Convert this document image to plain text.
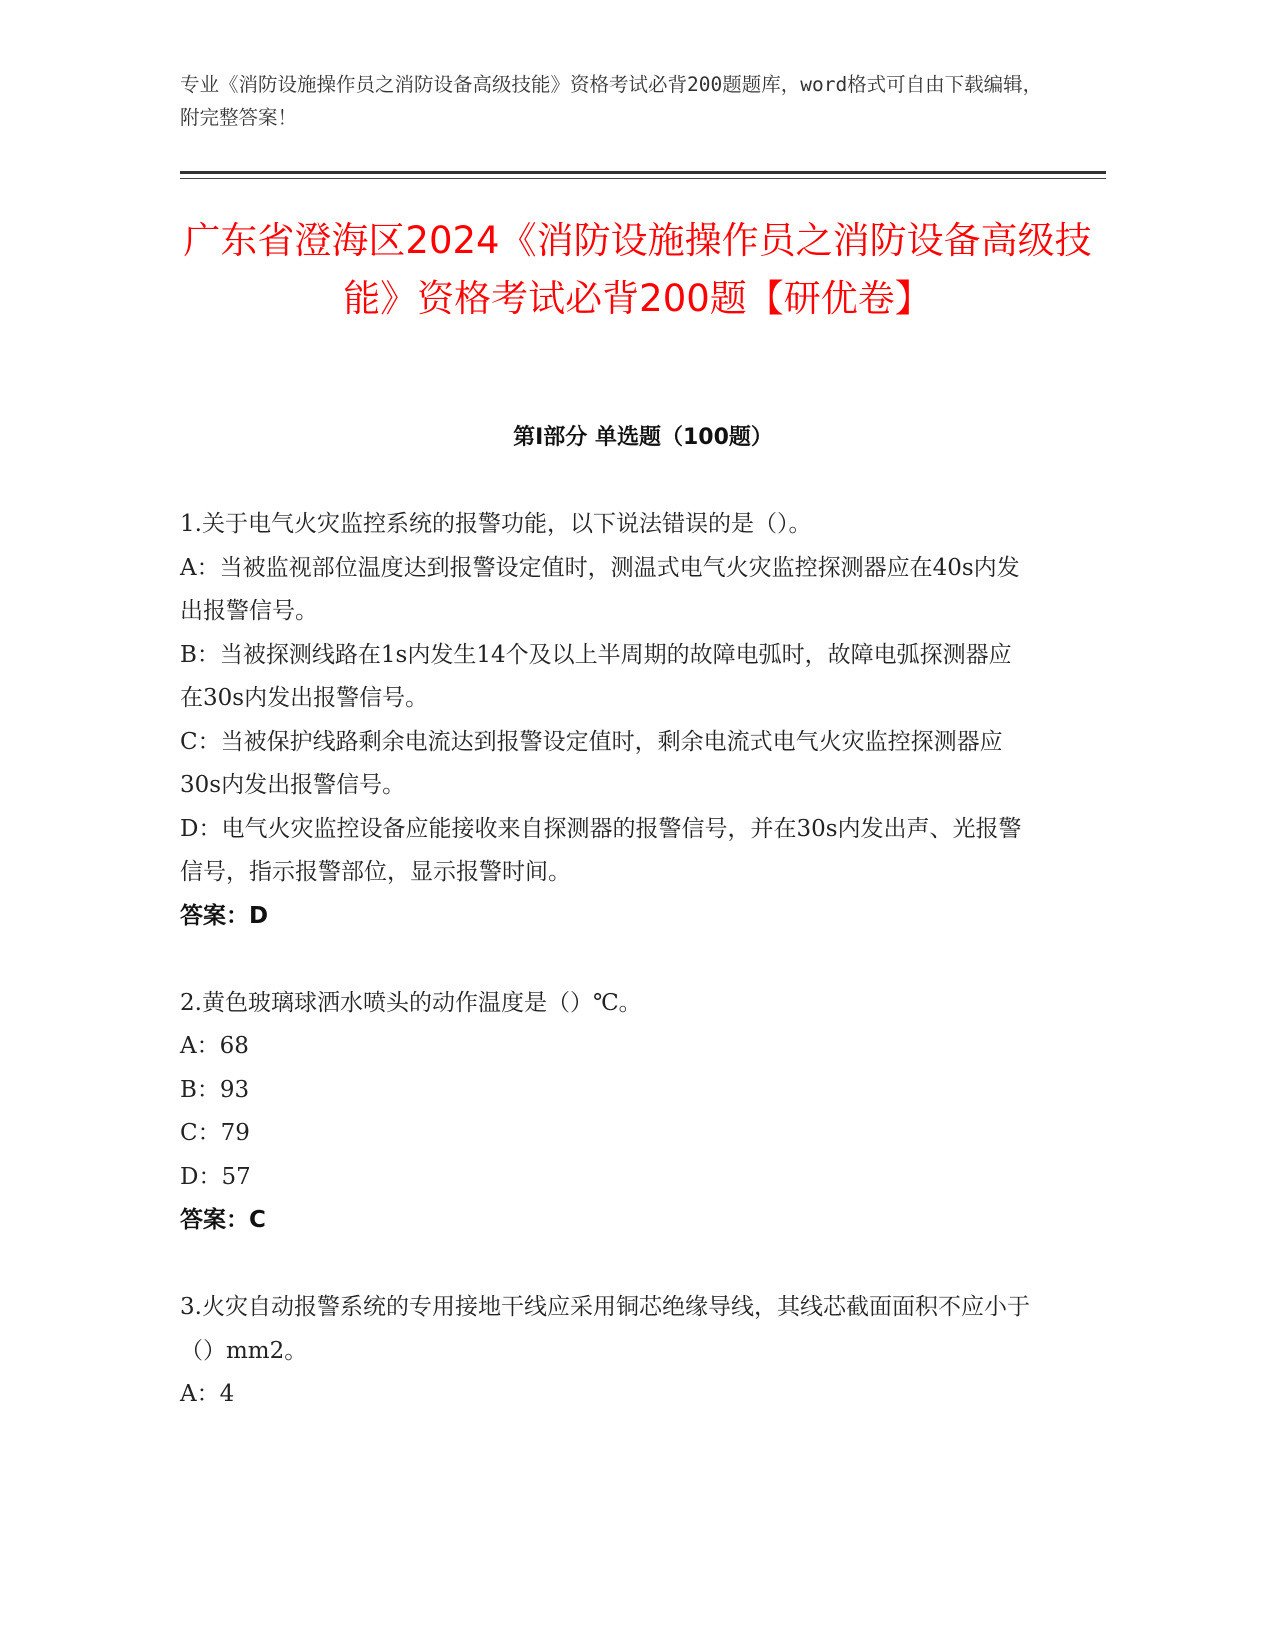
专业《消防设施操作员之消防设备高级技能》资格考试必背200题题库，word格式可自由下载编辑，附完整答案！
广东省澄海区2024《消防设施操作员之消防设备高级技能》资格考试必背200题【研优卷】
第I部分 单选题（100题）

1.关于电气火灾监控系统的报警功能，以下说法错误的是（）。

A：当被监视部位温度达到报警设定值时，测温式电气火灾监控探测器应在40s内发出报警信号。

B：当被探测线路在1s内发生14个及以上半周期的故障电弧时，故障电弧探测器应在30s内发出报警信号。

C：当被保护线路剩余电流达到报警设定值时，剩余电流式电气火灾监控探测器应30s内发出报警信号。

D：电气火灾监控设备应能接收来自探测器的报警信号，并在30s内发出声、光报警信号，指示报警部位，显示报警时间。

答案：D

2.黄色玻璃球洒水喷头的动作温度是（）℃。

A：68

B：93

C：79

D：57

答案：C

3.火灾自动报警系统的专用接地干线应采用铜芯绝缘导线，其线芯截面面积不应小于（）mm2。

A：4
